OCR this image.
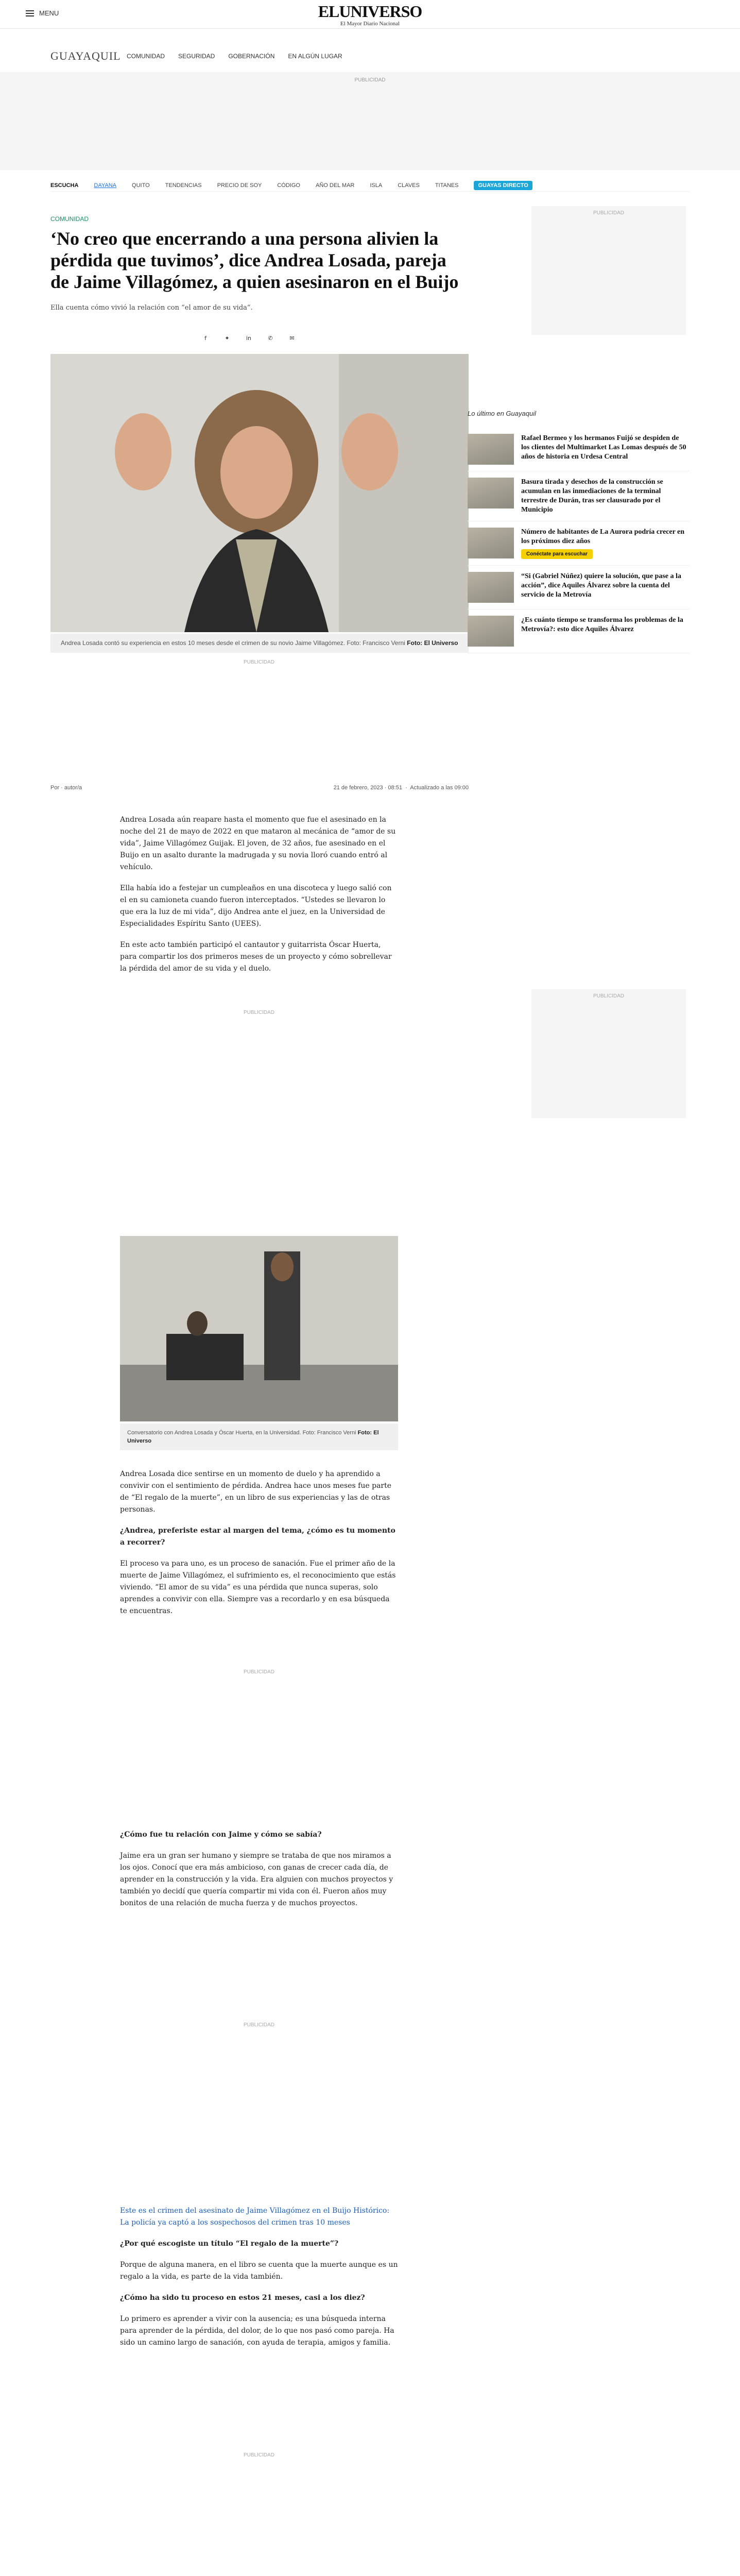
MENU	ELUNIVERSO
El Mayor Diario Nacional
GUAYAQUIL COMUNIDAD SEGURIDAD GOBERNACIÓN EN ALGÚN LUGAR
PUBLICIDAD
ESCUCHA	DAYANA	QUITO	TENDENCIAS	PRECIO DE SOY	CÓDIGO	AÑO DEL MAR	ISLA	CLAVES	TITANES	GUAYAS DIRECTO
COMUNIDAD
‘No creo que encerrando a una persona alivien la pérdida que tuvimos’, dice Andrea Losada, pareja de Jaime Villagómez, a quien asesinaron en el Buijo
Ella cuenta cómo vivió la relación con “el amor de su vida”.
f	✦	in	✆	✉
Andrea Losada contó su experiencia en estos 10 meses desde el crimen de su novio Jaime Villagómez. Foto: Francisco Verni Foto: El Universo
PUBLICIDAD
Lo último en Guayaquil
Rafael Bermeo y los hermanos Fuijó se despiden de los clientes del Multimarket Las Lomas después de 50 años de historia en Urdesa Central
Basura tirada y desechos de la construcción se acumulan en las inmediaciones de la terminal terrestre de Durán, tras ser clausurado por el Municipio
Número de habitantes de La Aurora podría crecer en los próximos diez años
Conéctate para escuchar
“Si (Gabriel Núñez) quiere la solución, que pase a la acción”, dice Aquiles Álvarez sobre la cuenta del servicio de la Metrovía
¿Es cuánto tiempo se transforma los problemas de la Metrovía?: esto dice Aquiles Álvarez
PUBLICIDAD
PUBLICIDAD
Por · autor/a	21 de febrero, 2023 · 08:51  ·  Actualizado a las 09:00

Andrea Losada aún reapare hasta el momento que fue el asesinado en la noche del 21 de mayo de 2022 en que mataron al mecánica de “amor de su vida”, Jaime Villagómez Guijak. El joven, de 32 años, fue asesinado en el Buijo en un asalto durante la madrugada y su novia lloró cuando entró al vehículo.

Ella había ido a festejar un cumpleaños en una discoteca y luego salió con el en su camioneta cuando fueron interceptados. “Ustedes se llevaron lo que era la luz de mi vida”, dijo Andrea ante el juez, en la Universidad de Especialidades Espíritu Santo (UEES).

En este acto también participó el cantautor y guitarrista Óscar Huerta, para compartir los dos primeros meses de un proyecto y cómo sobrellevar la pérdida del amor de su vida y el duelo.

PUBLICIDAD
Conversatorio con Andrea Losada y Óscar Huerta, en la Universidad. Foto: Francisco Verni Foto: El Universo

Andrea Losada dice sentirse en un momento de duelo y ha aprendido a convivir con el sentimiento de pérdida. Andrea hace unos meses fue parte de “El regalo de la muerte”, en un libro de sus experiencias y las de otras personas.

¿Andrea, preferiste estar al margen del tema, ¿cómo es tu momento a recorrer?

El proceso va para uno, es un proceso de sanación. Fue el primer año de la muerte de Jaime Villagómez, el sufrimiento es, el reconocimiento que estás viviendo. “El amor de su vida” es una pérdida que nunca superas, solo aprendes a convivir con ella. Siempre vas a recordarlo y en esa búsqueda te encuentras.

PUBLICIDAD

¿Cómo fue tu relación con Jaime y cómo se sabía?

Jaime era un gran ser humano y siempre se trataba de que nos miramos a los ojos. Conocí que era más ambicioso, con ganas de crecer cada día, de aprender en la construcción y la vida. Era alguien con muchos proyectos y también yo decidí que quería compartir mi vida con él. Fueron años muy bonitos de una relación de mucha fuerza y de muchos proyectos.

PUBLICIDAD

Este es el crimen del asesinato de Jaime Villagómez en el Buijo Histórico: La policía ya captó a los sospechosos del crimen tras 10 meses

¿Por qué escogiste un título “El regalo de la muerte”?

Porque de alguna manera, en el libro se cuenta que la muerte aunque es un regalo a la vida, es parte de la vida también.

¿Cómo ha sido tu proceso en estos 21 meses, casi a los diez?

Lo primero es aprender a vivir con la ausencia; es una búsqueda interna para aprender de la pérdida, del dolor, de lo que nos pasó como pareja. Ha sido un camino largo de sanación, con ayuda de terapia, amigos y familia.

PUBLICIDAD
